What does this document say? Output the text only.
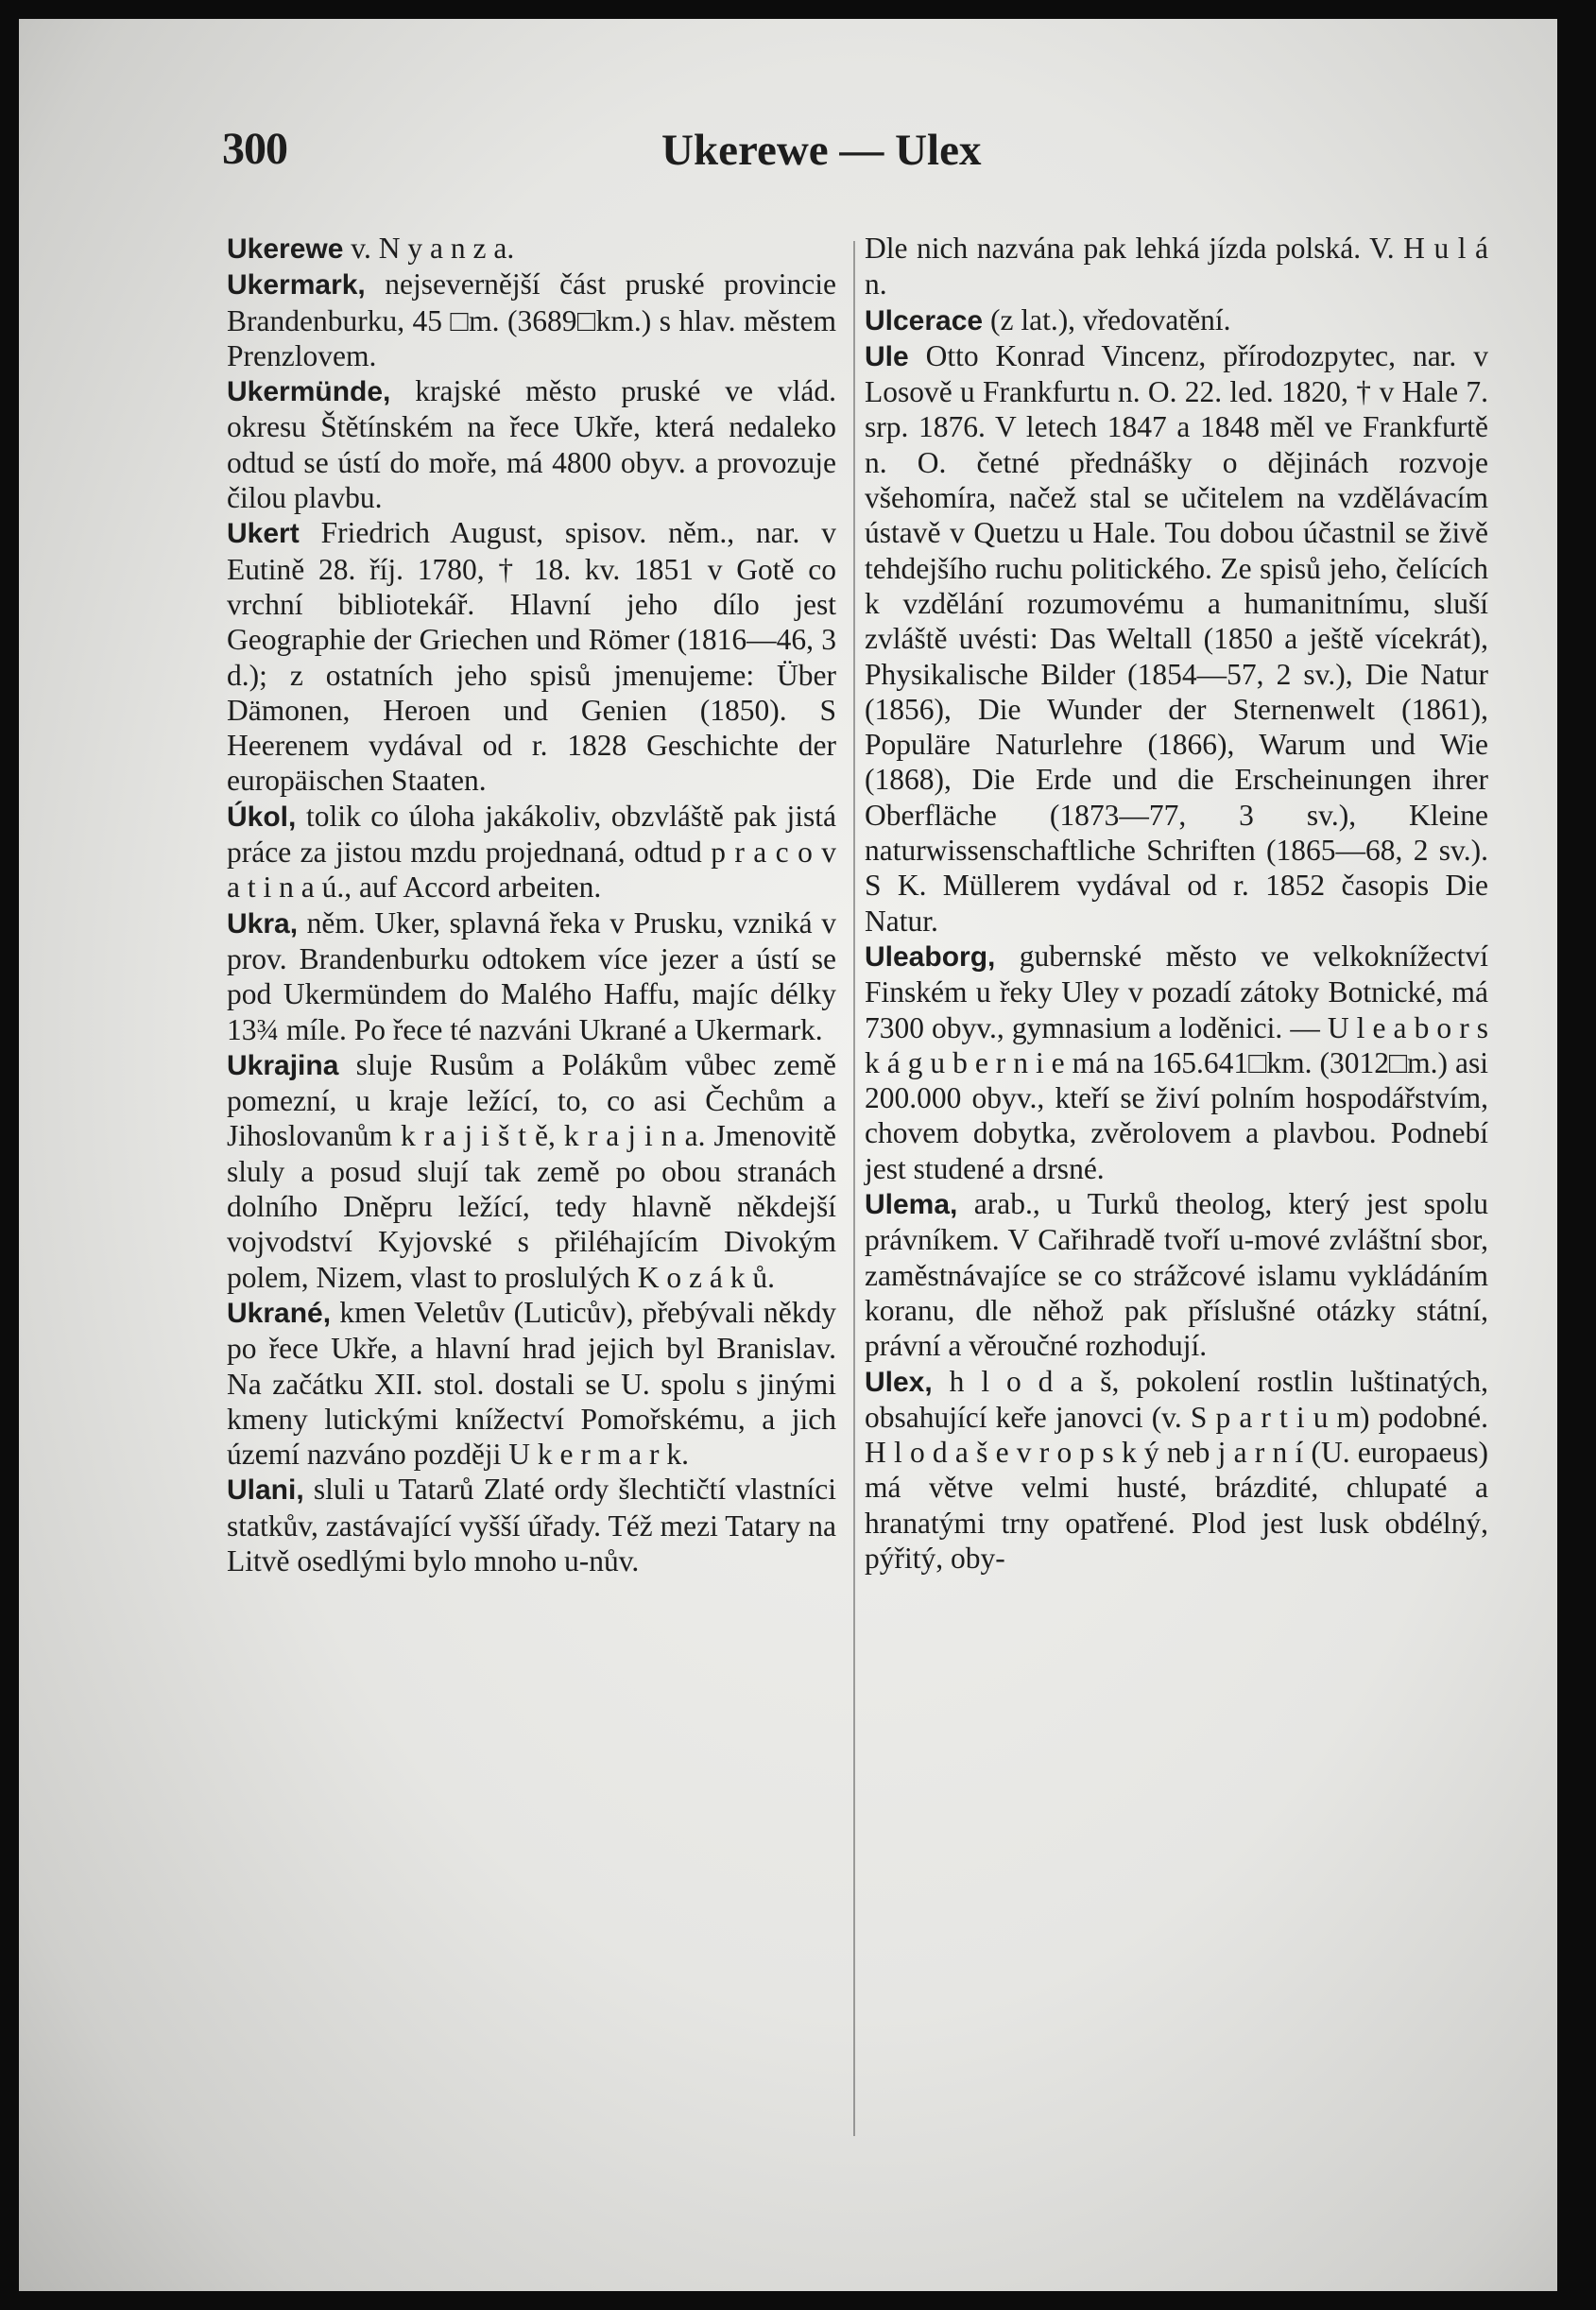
300	Ukerewe — Ulex

Ukerewe v. N y a n z a.

Ukermark, nejsevernější část pruské provincie Brandenburku, 45 □m. (3689□km.) s hlav. městem Prenzlovem.

Ukermünde, krajské město pruské ve vlád. okresu Štětínském na řece Ukře, která nedaleko odtud se ústí do moře, má 4800 obyv. a provozuje čilou plavbu.

Ukert Friedrich August, spisov. něm., nar. v Eutině 28. říj. 1780, † 18. kv. 1851 v Gotě co vrchní bibliotekář. Hlavní jeho dílo jest Geographie der Griechen und Römer (1816—46, 3 d.); z ostatních jeho spisů jmenujeme: Über Dämonen, Heroen und Genien (1850). S Heerenem vydával od r. 1828 Geschichte der europäischen Staaten.

Úkol, tolik co úloha jakákoliv, obzvláště pak jistá práce za jistou mzdu projednaná, odtud p r a c o v a t i n a ú., auf Accord arbeiten.

Ukra, něm. Uker, splavná řeka v Prusku, vzniká v prov. Brandenburku odtokem více jezer a ústí se pod Ukermündem do Malého Haffu, majíc délky 13¾ míle. Po řece té nazváni Ukrané a Ukermark.

Ukrajina sluje Rusům a Polákům vůbec země pomezní, u kraje ležící, to, co asi Čechům a Jihoslovanům k r a j i š t ě, k r a j i n a. Jmenovitě sluly a posud slují tak země po obou stranách dolního Dněpru ležící, tedy hlavně někdejší vojvodství Kyjovské s přiléhajícím Divokým polem, Nizem, vlast to proslulých K o z á k ů.

Ukrané, kmen Veletův (Luticův), přebývali někdy po řece Ukře, a hlavní hrad jejich byl Branislav. Na začátku XII. stol. dostali se U. spolu s jinými kmeny lutickými knížectví Pomořskému, a jich území nazváno později U k e r m a r k.

Ulani, sluli u Tatarů Zlaté ordy šlechtičtí vlastníci statkův, zastávající vyšší úřady. Též mezi Tatary na Litvě osedlými bylo mnoho u-nův.

Dle nich nazvána pak lehká jízda polská. V. H u l á n.

Ulcerace (z lat.), vředovatění.

Ule Otto Konrad Vincenz, přírodozpytec, nar. v Losově u Frankfurtu n. O. 22. led. 1820, † v Hale 7. srp. 1876. V letech 1847 a 1848 měl ve Frankfurtě n. O. četné přednášky o dějinách rozvoje všehomíra, načež stal se učitelem na vzdělávacím ústavě v Quetzu u Hale. Tou dobou účastnil se živě tehdejšího ruchu politického. Ze spisů jeho, čelících k vzdělání rozumovému a humanitnímu, sluší zvláště uvésti: Das Weltall (1850 a ještě vícekrát), Physikalische Bilder (1854—57, 2 sv.), Die Natur (1856), Die Wunder der Sternenwelt (1861), Populäre Naturlehre (1866), Warum und Wie (1868), Die Erde und die Erscheinungen ihrer Oberfläche (1873—77, 3 sv.), Kleine naturwissenschaftliche Schriften (1865—68, 2 sv.). S K. Müllerem vydával od r. 1852 časopis Die Natur.

Uleaborg, gubernské město ve velkoknížectví Finském u řeky Uley v pozadí zátoky Botnické, má 7300 obyv., gymnasium a loděnici. — U l e a b o r s k á g u b e r n i e má na 165.641□km. (3012□m.) asi 200.000 obyv., kteří se živí polním hospodářstvím, chovem dobytka, zvěrolovem a plavbou. Podnebí jest studené a drsné.

Ulema, arab., u Turků theolog, který jest spolu právníkem. V Cařihradě tvoří u-mové zvláštní sbor, zaměstnávajíce se co strážcové islamu vykládáním koranu, dle něhož pak příslušné otázky státní, právní a věroučné rozhodují.

Ulex, h l o d a š, pokolení rostlin luštinatých, obsahující keře janovci (v. S p a r t i u m) podobné. H l o d a š e v r o p s k ý neb j a r n í (U. europaeus) má větve velmi husté, brázdité, chlupaté a hranatými trny opatřené. Plod jest lusk obdélný, pýřitý, oby-
